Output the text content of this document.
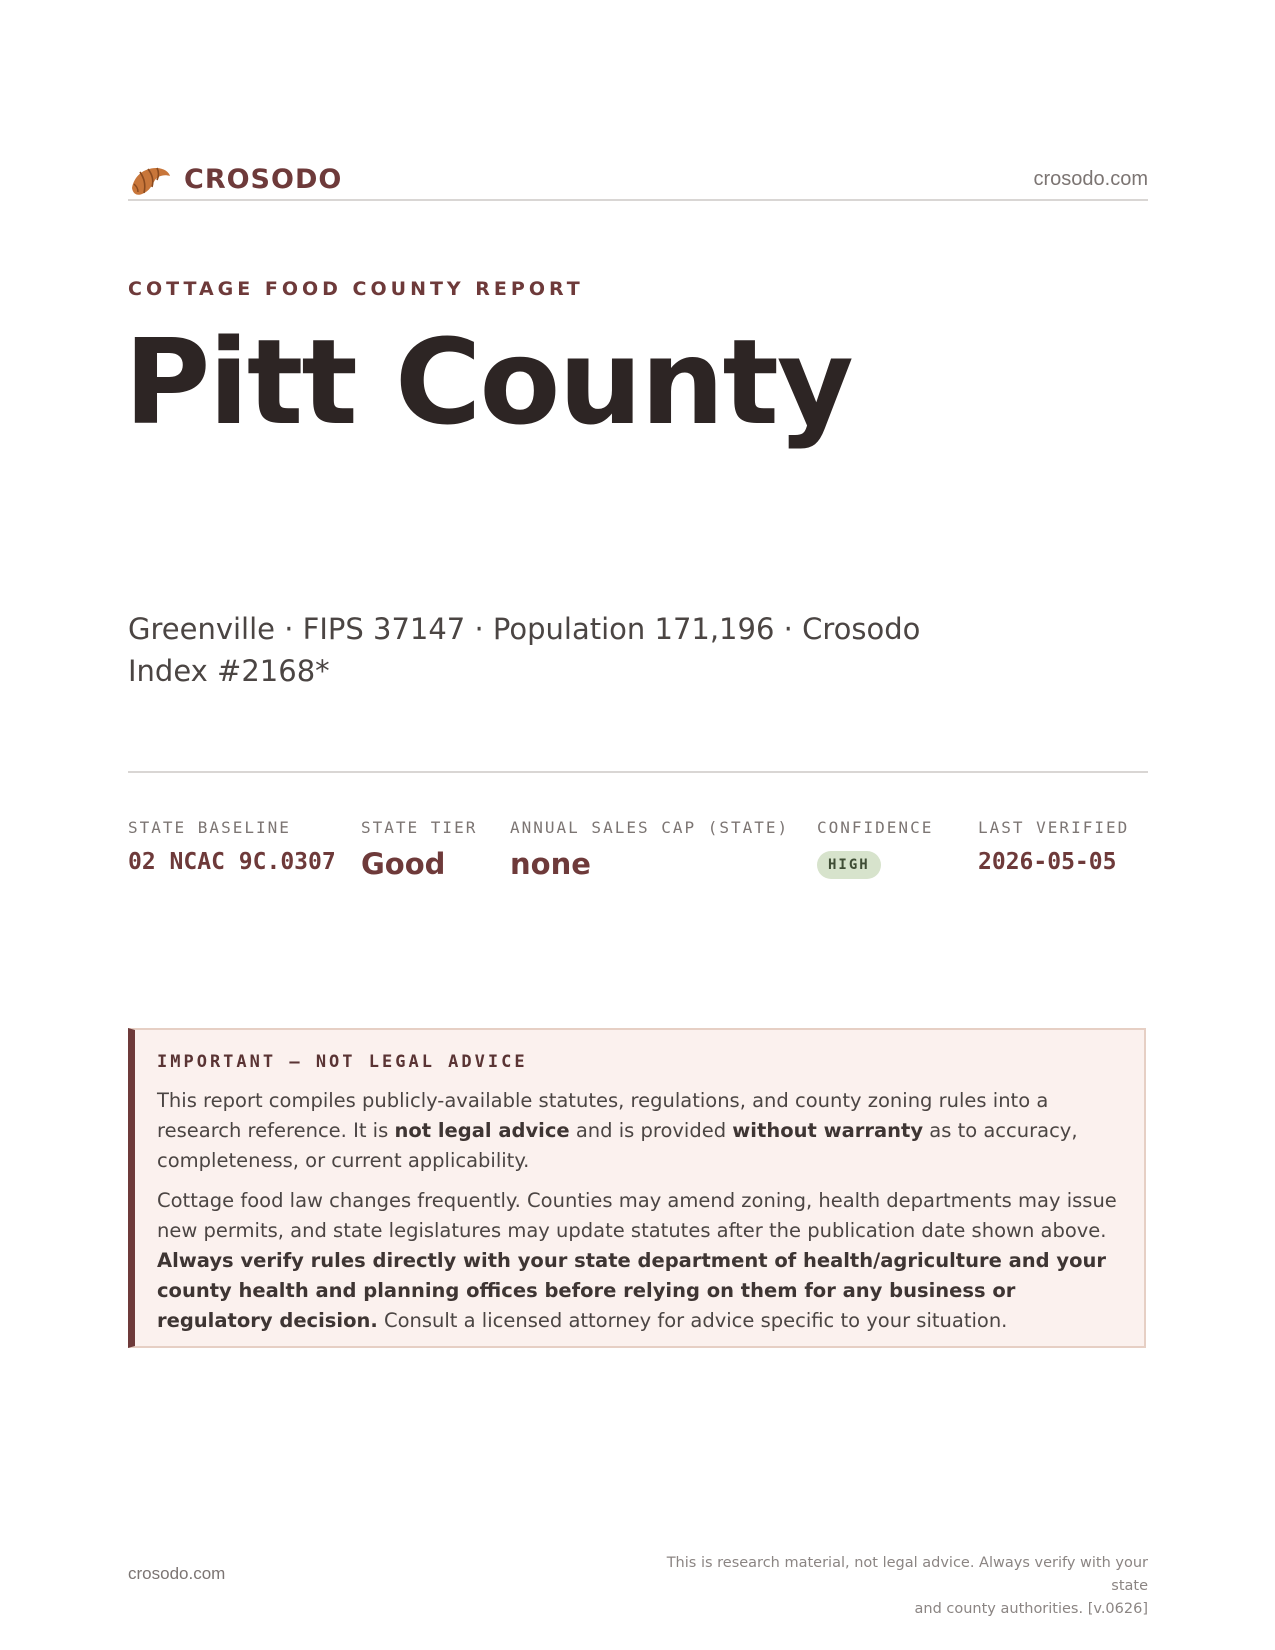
CROSODO	crosodo.com
COTTAGE FOOD COUNTY REPORT
Pitt County
Greenville · FIPS 37147 · Population 171,196 · Crosodo Index #2168*
STATE BASELINE
02 NCAC 9C.0307
STATE TIER
Good
ANNUAL SALES CAP (STATE)
none
CONFIDENCE
HIGH
LAST VERIFIED
2026-05-05
IMPORTANT — NOT LEGAL ADVICE

This report compiles publicly-available statutes, regulations, and county zoning rules into a research reference. It is not legal advice and is provided without warranty as to accuracy, completeness, or current applicability.

Cottage food law changes frequently. Counties may amend zoning, health departments may issue new permits, and state legislatures may update statutes after the publication date shown above. Always verify rules directly with your state department of health/agriculture and your county health and planning offices before relying on them for any business or regulatory decision. Consult a licensed attorney for advice specific to your situation.

crosodo.com
This is research material, not legal advice. Always verify with your state
and county authorities. [v.0626]
